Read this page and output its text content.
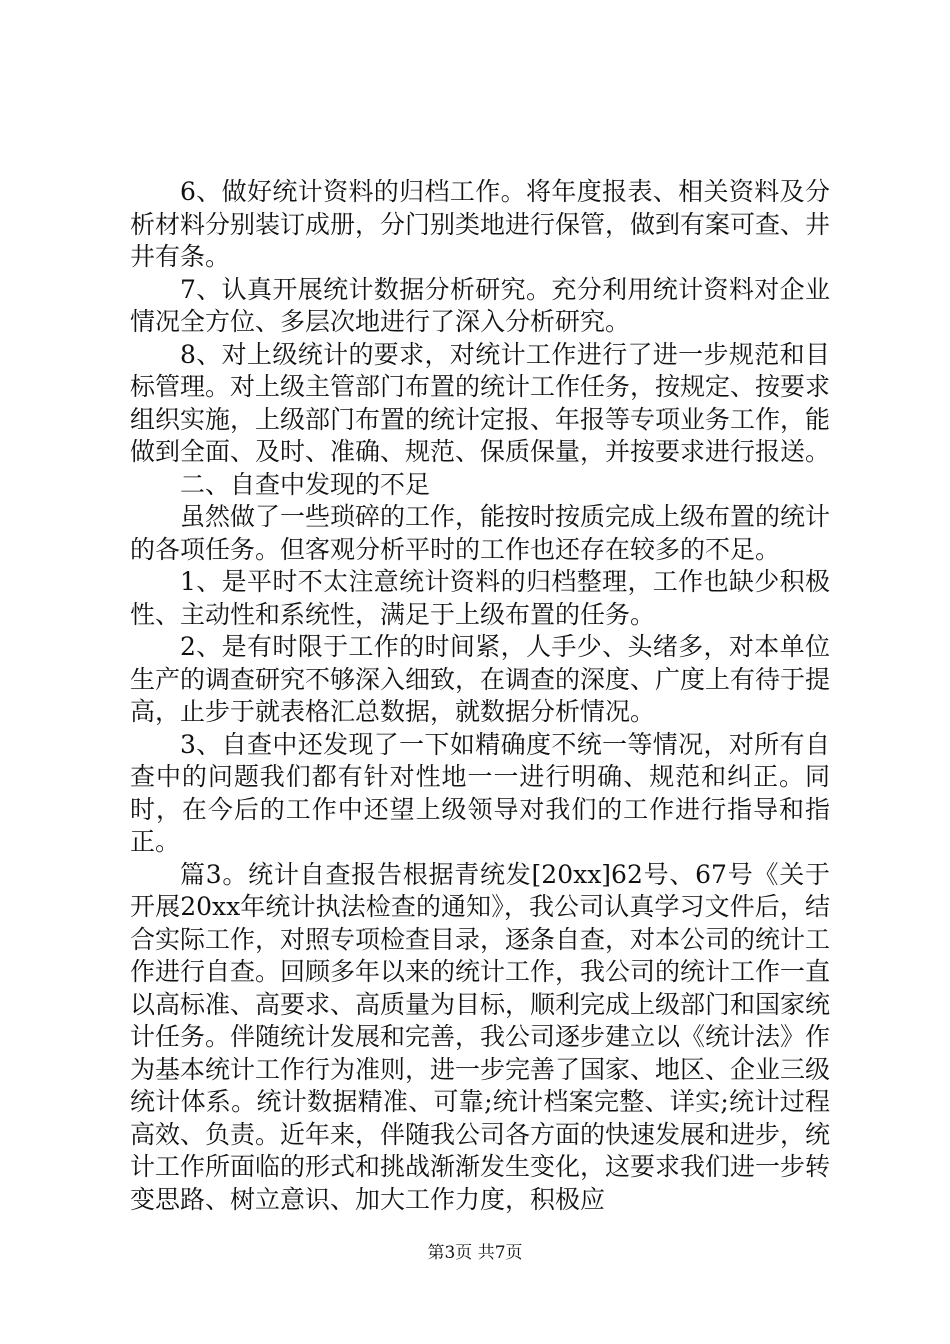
6、做好统计资料的归档工作。将年度报表、相关资料及分析材料分别装订成册，分门别类地进行保管，做到有案可查、井井有条。

7、认真开展统计数据分析研究。充分利用统计资料对企业情况全方位、多层次地进行了深入分析研究。

8、对上级统计的要求，对统计工作进行了进一步规范和目标管理。对上级主管部门布置的统计工作任务，按规定、按要求组织实施，上级部门布置的统计定报、年报等专项业务工作，能做到全面、及时、准确、规范、保质保量，并按要求进行报送。

二、自查中发现的不足

虽然做了一些琐碎的工作，能按时按质完成上级布置的统计的各项任务。但客观分析平时的工作也还存在较多的不足。

1、是平时不太注意统计资料的归档整理，工作也缺少积极性、主动性和系统性，满足于上级布置的任务。

2、是有时限于工作的时间紧，人手少、头绪多，对本单位生产的调查研究不够深入细致，在调查的深度、广度上有待于提高，止步于就表格汇总数据，就数据分析情况。

3、自查中还发现了一下如精确度不统一等情况，对所有自查中的问题我们都有针对性地一一进行明确、规范和纠正。同时，在今后的工作中还望上级领导对我们的工作进行指导和指正。

篇3。统计自查报告根据青统发[20xx]62号、67号《关于开展20xx年统计执法检查的通知》，我公司认真学习文件后，结合实际工作，对照专项检查目录，逐条自查，对本公司的统计工作进行自查。回顾多年以来的统计工作，我公司的统计工作一直以高标准、高要求、高质量为目标，顺利完成上级部门和国家统计任务。伴随统计发展和完善，我公司逐步建立以《统计法》作为基本统计工作行为准则，进一步完善了国家、地区、企业三级统计体系。统计数据精准、可靠;统计档案完整、详实;统计过程高效、负责。近年来，伴随我公司各方面的快速发展和进步，统计工作所面临的形式和挑战渐渐发生变化，这要求我们进一步转变思路、树立意识、加大工作力度，积极应

第3页 共7页
